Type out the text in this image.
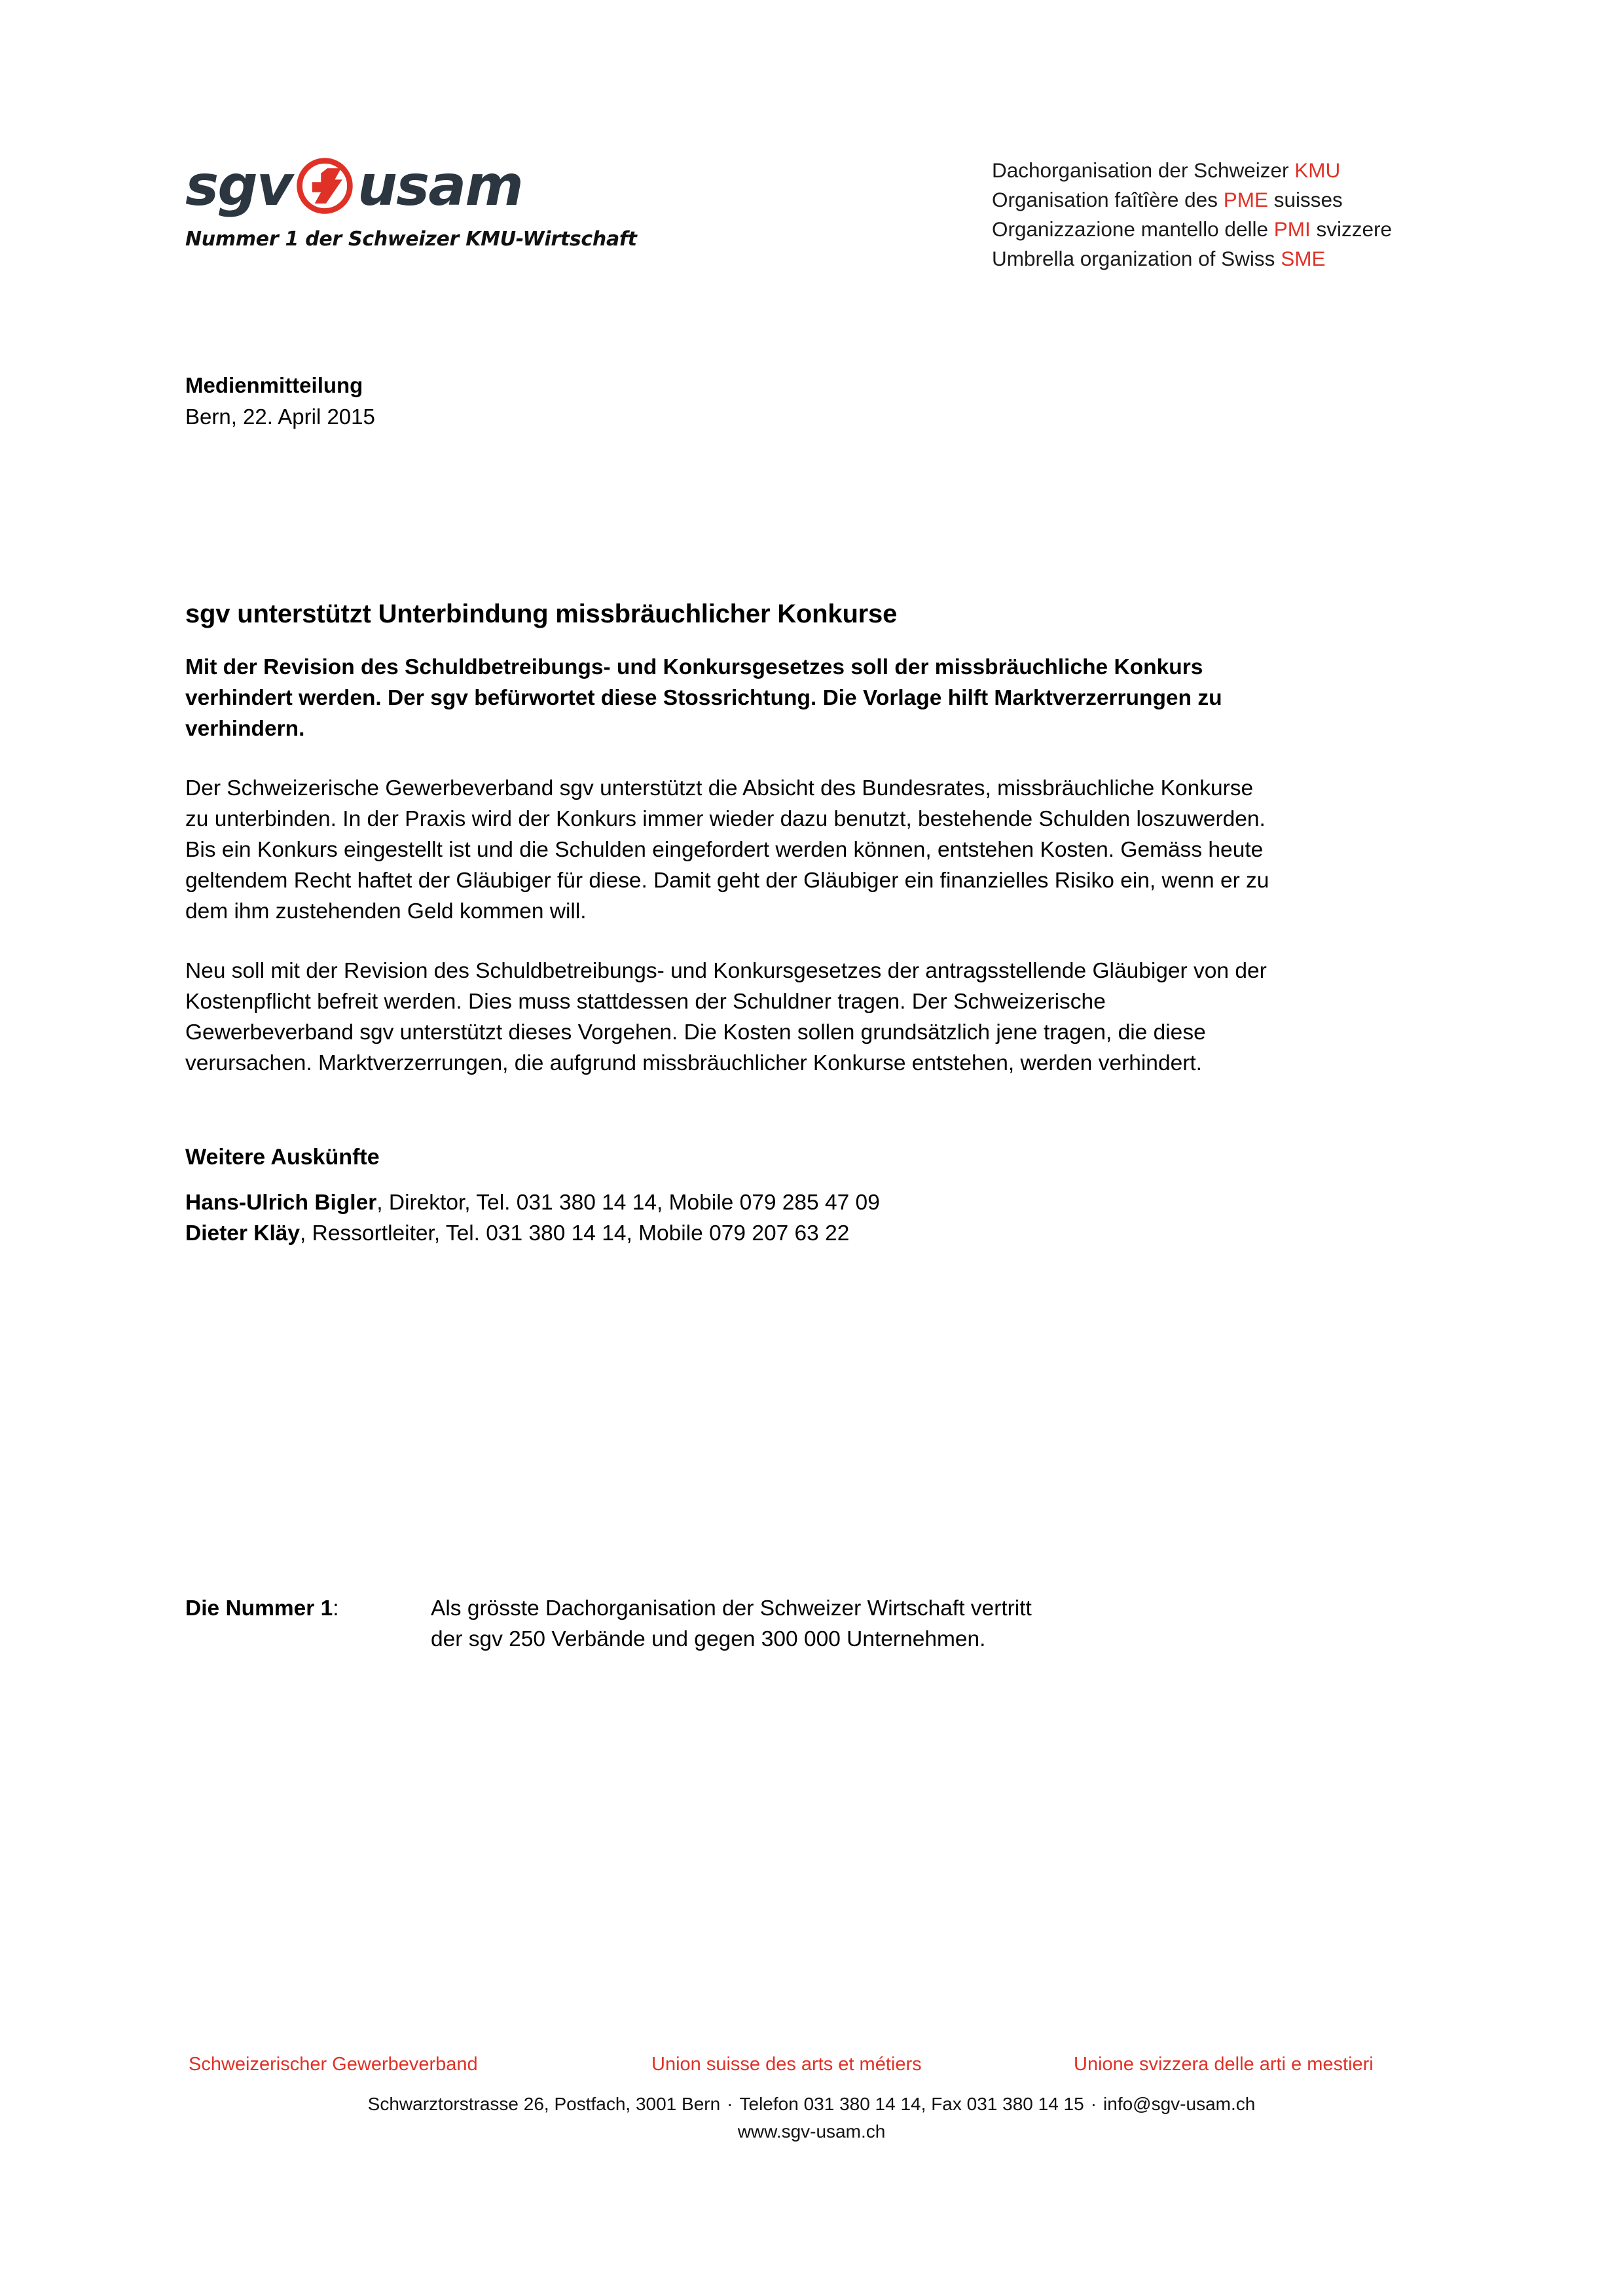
sgv usam
Nummer 1 der Schweizer KMU-Wirtschaft
Dachorganisation der Schweizer KMU
Organisation faîtîère des PME suisses
Organizzazione mantello delle PMI svizzere
Umbrella organization of Swiss SME
Medienmitteilung
Bern, 22. April 2015
sgv unterstützt Unterbindung missbräuchlicher Konkurse

Mit der Revision des Schuldbetreibungs- und Konkursgesetzes soll der missbräuchliche Konkurs verhindert werden. Der sgv befürwortet diese Stossrichtung. Die Vorlage hilft Marktverzerrungen zu verhindern.

Der Schweizerische Gewerbeverband sgv unterstützt die Absicht des Bundesrates, missbräuchliche Konkurse zu unterbinden. In der Praxis wird der Konkurs immer wieder dazu benutzt, bestehende Schulden loszuwerden. Bis ein Konkurs eingestellt ist und die Schulden eingefordert werden können, entstehen Kosten. Gemäss heute geltendem Recht haftet der Gläubiger für diese. Damit geht der Gläubiger ein finanzielles Risiko ein, wenn er zu dem ihm zustehenden Geld kommen will.

Neu soll mit der Revision des Schuldbetreibungs- und Konkursgesetzes der antragsstellende Gläubiger von der Kostenpflicht befreit werden. Dies muss stattdessen der Schuldner tragen. Der Schweizerische Gewerbeverband sgv unterstützt dieses Vorgehen. Die Kosten sollen grundsätzlich jene tragen, die diese verursachen. Marktverzerrungen, die aufgrund missbräuchlicher Konkurse entstehen, werden verhindert.

Weitere Auskünfte
Hans-Ulrich Bigler, Direktor, Tel. 031 380 14 14, Mobile 079 285 47 09
Dieter Kläy, Ressortleiter, Tel. 031 380 14 14, Mobile 079 207 63 22
Die Nummer 1:	Als grösste Dachorganisation der Schweizer Wirtschaft vertritt
der sgv 250 Verbände und gegen 300 000 Unternehmen.
Schweizerischer Gewerbeverband	Union suisse des arts et métiers	Unione svizzera delle arti e mestieri
Schwarztorstrasse 26, Postfach, 3001 Bern · Telefon 031 380 14 14, Fax 031 380 14 15 · info@sgv-usam.ch
www.sgv-usam.ch
